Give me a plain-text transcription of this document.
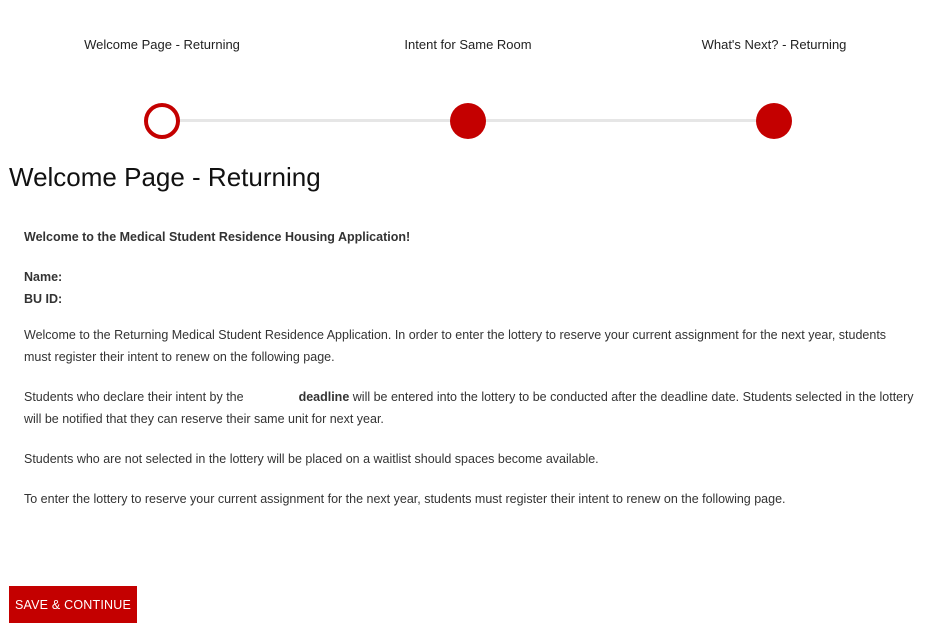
Welcome Page - Returning	Intent for Same Room	What's Next? - Returning
Welcome Page - Returning

Welcome to the Medical Student Residence Housing Application!

Name:
BU ID:

Welcome to the Returning Medical Student Residence Application. In order to enter the lottery to reserve your current assignment for the next year, students must register their intent to renew on the following page.

Students who declare their intent by the	deadline will be entered into the lottery to be conducted after the deadline date. Students selected in the lottery will be notified that they can reserve their same unit for next year.

Students who are not selected in the lottery will be placed on a waitlist should spaces become available.

To enter the lottery to reserve your current assignment for the next year, students must register their intent to renew on the following page.

SAVE & CONTINUE
